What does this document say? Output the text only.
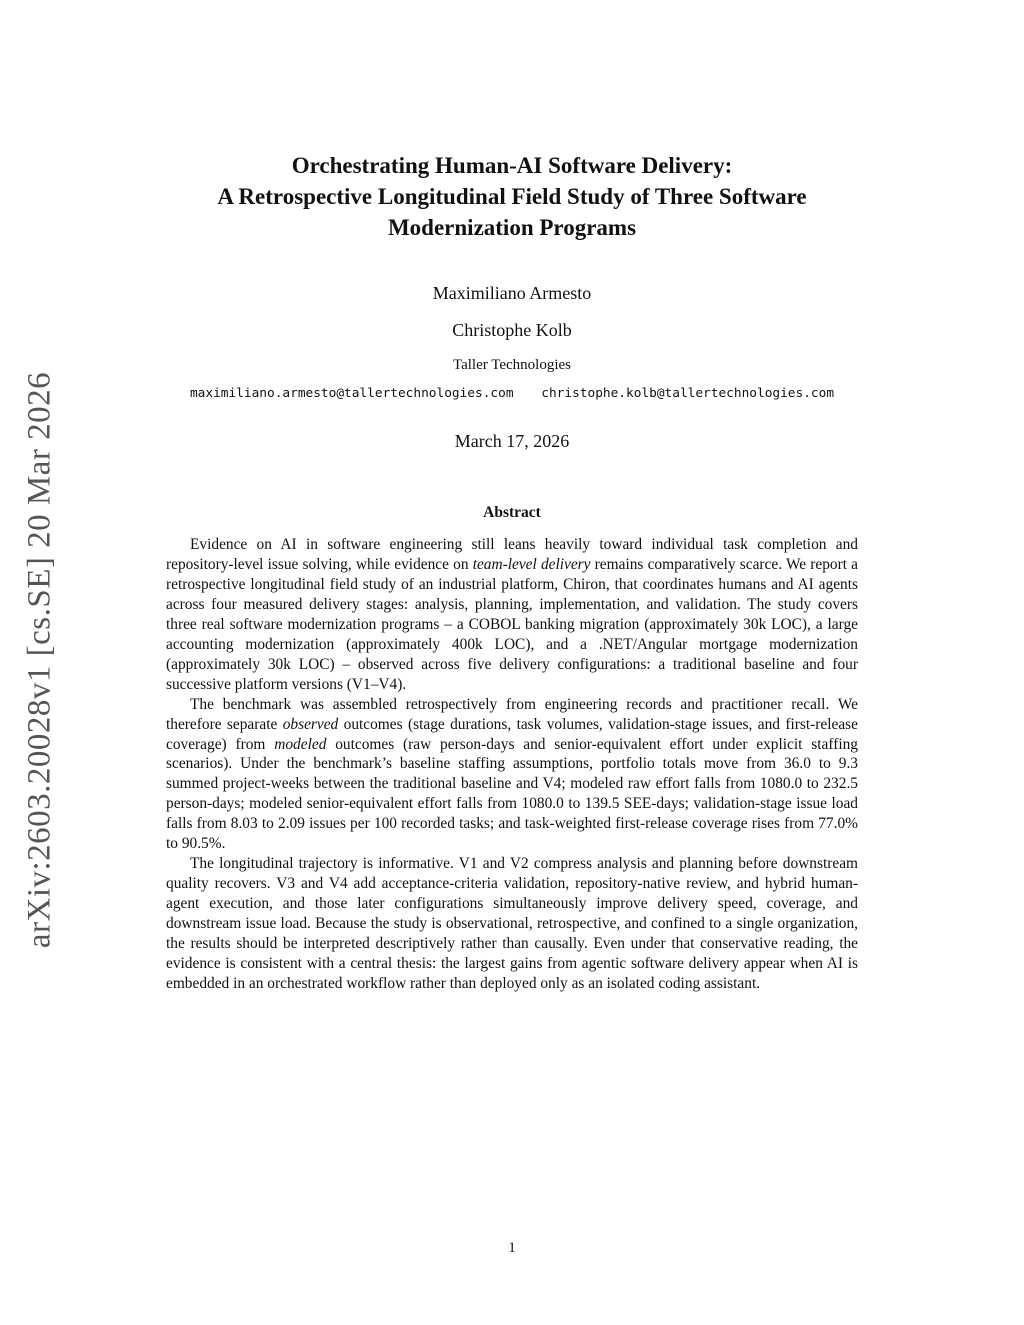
arXiv:2603.20028v1 [cs.SE] 20 Mar 2026
Orchestrating Human-AI Software Delivery:
A Retrospective Longitudinal Field Study of Three Software
Modernization Programs
Maximiliano Armesto
Christophe Kolb
Taller Technologies
maximiliano.armesto@tallertechnologies.com christophe.kolb@tallertechnologies.com
March 17, 2026
Abstract

Evidence on AI in software engineering still leans heavily toward individual task completion and repository-level issue solving, while evidence on team-level delivery remains comparatively scarce. We report a retrospective longitudinal field study of an industrial platform, Chiron, that coordinates humans and AI agents across four measured delivery stages: analysis, planning, implementation, and validation. The study covers three real software modernization programs – a COBOL banking migration (approximately 30k LOC), a large accounting modernization (approximately 400k LOC), and a .NET/Angular mortgage modernization (approximately 30k LOC) – observed across five delivery configurations: a traditional baseline and four successive platform versions (V1–V4).

The benchmark was assembled retrospectively from engineering records and practitioner recall. We therefore separate observed outcomes (stage durations, task volumes, validation-stage issues, and first-release coverage) from modeled outcomes (raw person-days and senior-equivalent effort under explicit staffing scenarios). Under the benchmark’s baseline staffing assumptions, portfolio totals move from 36.0 to 9.3 summed project-weeks between the traditional baseline and V4; modeled raw effort falls from 1080.0 to 232.5 person-days; modeled senior-equivalent effort falls from 1080.0 to 139.5 SEE-days; validation-stage issue load falls from 8.03 to 2.09 issues per 100 recorded tasks; and task-weighted first-release coverage rises from 77.0% to 90.5%.

The longitudinal trajectory is informative. V1 and V2 compress analysis and planning before downstream quality recovers. V3 and V4 add acceptance-criteria validation, repository-native review, and hybrid human-agent execution, and those later configurations simultaneously improve delivery speed, coverage, and downstream issue load. Because the study is observational, retrospective, and confined to a single organization, the results should be interpreted descriptively rather than causally. Even under that conservative reading, the evidence is consistent with a central thesis: the largest gains from agentic software delivery appear when AI is embedded in an orchestrated workflow rather than deployed only as an isolated coding assistant.

1
